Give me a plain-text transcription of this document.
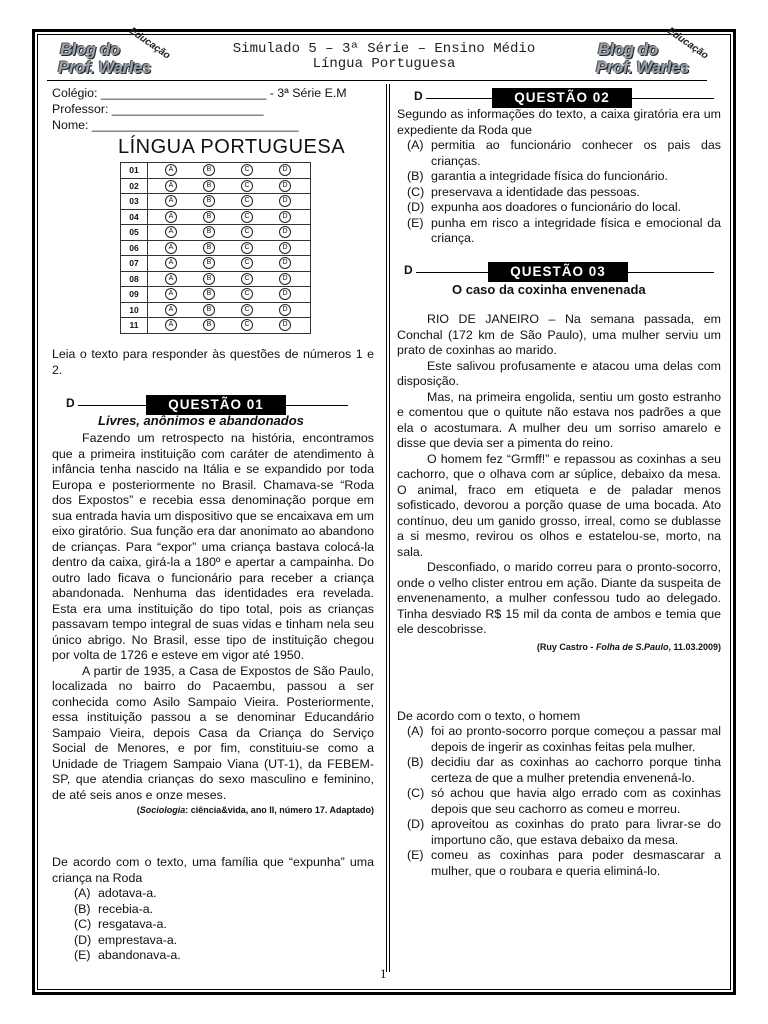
Blog do
Prof. Warles
Educação	Blog do
Prof. Warles
Educação
Simulado 5 – 3ª Série – Ensino Médio
Língua Portuguesa
Colégio: ________________________ - 3ª Série E.M
Professor: ______________________
Nome: ______________________________
LÍNGUA PORTUGUESA
01	A B C D
02	A B C D
03	A B C D
04	A B C D
05	A B C D
06	A B C D
07	A B C D
08	A B C D
09	A B C D
10	A B C D
11	A B C D
Leia o texto para responder às questões de números 1 e 2.
D	QUESTÃO 01
Livres, anônimos e abandonados

Fazendo um retrospecto na história, encontramos que a primeira instituição com caráter de atendimento à infância tenha nascido na Itália e se expandido por toda Europa e posteriormente no Brasil. Chamava-se “Roda dos Expostos” e recebia essa denominação porque em sua entrada havia um dispositivo que se encaixava em um eixo giratório. Sua função era dar anonimato ao abandono de crianças. Para “expor” uma criança bastava colocá-la dentro da caixa, girá-la a 180º e apertar a campainha. Do outro lado ficava o funcionário para receber a criança abandonada. Nenhuma das identidades era revelada. Esta era uma instituição do tipo total, pois as crianças passavam tempo integral de suas vidas e tinham nela seu único abrigo. No Brasil, esse tipo de instituição chegou por volta de 1726 e esteve em vigor até 1950.

A partir de 1935, a Casa de Expostos de São Paulo, localizada no bairro do Pacaembu, passou a ser conhecida como Asilo Sampaio Vieira. Posteriormente, essa instituição passou a se denominar Educandário Sampaio Vieira, depois Casa da Criança do Serviço Social de Menores, e por fim, constituiu-se como a Unidade de Triagem Sampaio Viana (UT-1), da FEBEM-SP, que atendia crianças do sexo masculino e feminino, de até seis anos e onze meses.

(Sociologia: ciência&vida, ano II, número 17. Adaptado)
De acordo com o texto, uma família que “expunha” uma criança na Roda
(A) adotava-a.
(B) recebia-a.
(C) resgatava-a.
(D) emprestava-a.
(E) abandonava-a.
D	QUESTÃO 02
Segundo as informações do texto, a caixa giratória era um expediente da Roda que
(A) permitia ao funcionário conhecer os pais das crianças.
(B) garantia a integridade física do funcionário.
(C) preservava a identidade das pessoas.
(D) expunha aos doadores o funcionário do local.
(E) punha em risco a integridade física e emocional da criança.
D	QUESTÃO 03
O caso da coxinha envenenada

RIO DE JANEIRO – Na semana passada, em Conchal (172 km de São Paulo), uma mulher serviu um prato de coxinhas ao marido.

Este salivou profusamente e atacou uma delas com disposição.

Mas, na primeira engolida, sentiu um gosto estranho e comentou que o quitute não estava nos padrões a que ela o acostumara. A mulher deu um sorriso amarelo e disse que devia ser a pimenta do reino.

O homem fez “Grmff!” e repassou as coxinhas a seu cachorro, que o olhava com ar súplice, debaixo da mesa. O animal, fraco em etiqueta e de paladar menos sofisticado, devorou a porção quase de uma bocada. Ato contínuo, deu um ganido grosso, irreal, como se dublasse a si mesmo, revirou os olhos e estatelou-se, morto, na sala.

Desconfiado, o marido correu para o pronto-socorro, onde o velho clister entrou em ação. Diante da suspeita de envenenamento, a mulher confessou tudo ao delegado. Tinha desviado R$ 15 mil da conta de ambos e temia que ele descobrisse.

(Ruy Castro - Folha de S.Paulo, 11.03.2009)
De acordo com o texto, o homem
(A) foi ao pronto-socorro porque começou a passar mal depois de ingerir as coxinhas feitas pela mulher.
(B) decidiu dar as coxinhas ao cachorro porque tinha certeza de que a mulher pretendia envenená-lo.
(C) só achou que havia algo errado com as coxinhas depois que seu cachorro as comeu e morreu.
(D) aproveitou as coxinhas do prato para livrar-se do importuno cão, que estava debaixo da mesa.
(E) comeu as coxinhas para poder desmascarar a mulher, que o roubara e queria eliminá-lo.
1
